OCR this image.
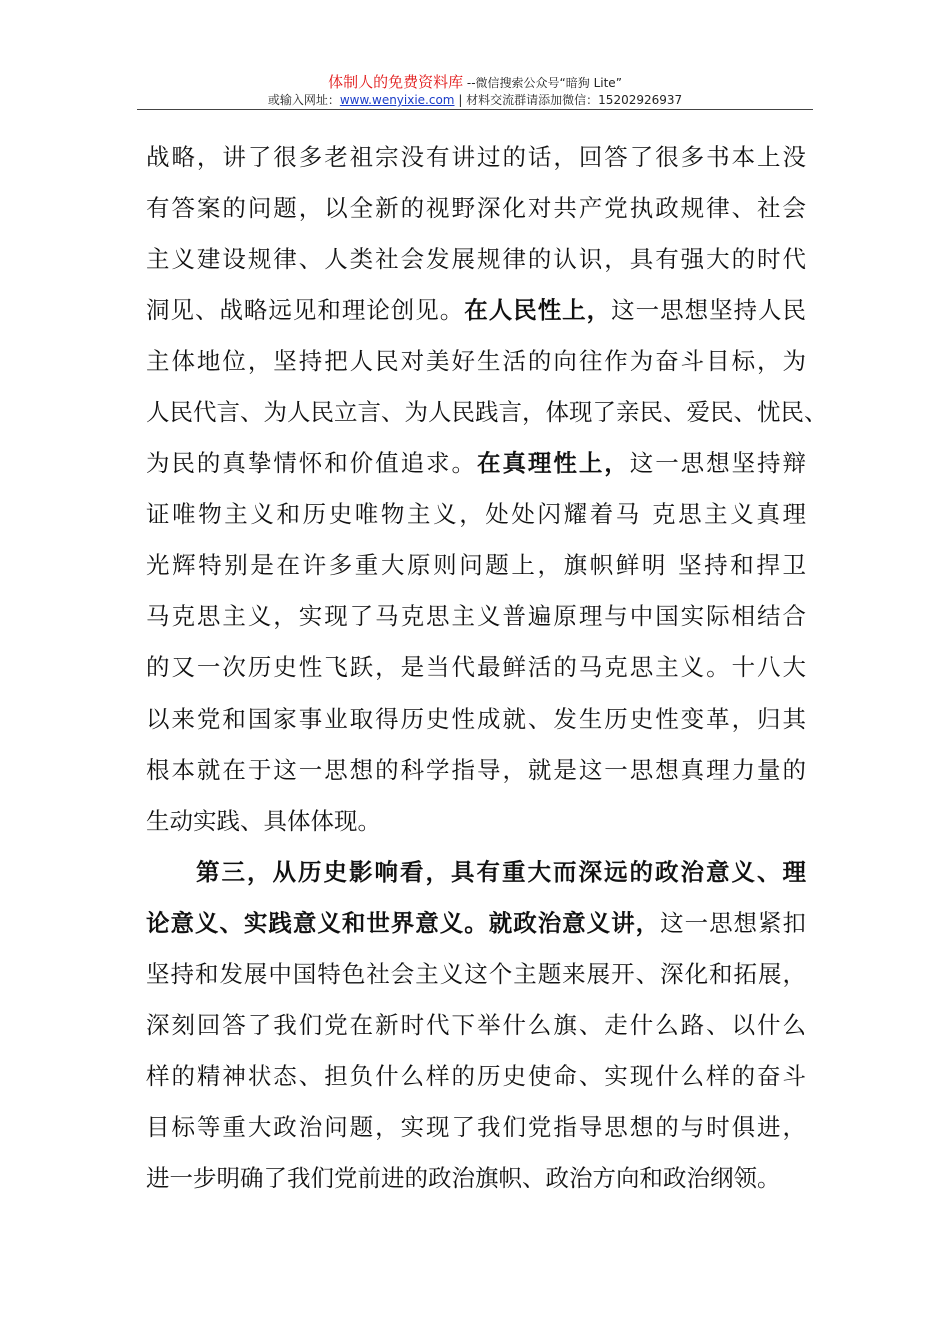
体制人的免费资料库 --微信搜索公众号“暗狗 Lite”
或输入网址：www.wenyixie.com | 材料交流群请添加微信：15202926937
战略，讲了很多老祖宗没有讲过的话，回答了很多书本上没
有答案的问题，以全新的视野深化对共产党执政规律、社会
主义建设规律、人类社会发展规律的认识，具有强大的时代
洞见、战略远见和理论创见。在人民性上，这一思想坚持人民
主体地位，坚持把人民对美好生活的向往作为奋斗目标，为
人民代言、为人民立言、为人民践言，体现了亲民、爱民、忧民、
为民的真挚情怀和价值追求。在真理性上，这一思想坚持辩
证唯物主义和历史唯物主义，处处闪耀着马 克思主义真理
光辉特别是在许多重大原则问题上，旗帜鲜明 坚持和捍卫
马克思主义，实现了马克思主义普遍原理与中国实际相结合
的又一次历史性飞跃，是当代最鲜活的马克思主义。十八大
以来党和国家事业取得历史性成就、发生历史性变革，归其
根本就在于这一思想的科学指导，就是这一思想真理力量的
生动实践、具体体现。
第三，从历史影响看，具有重大而深远的政治意义、理
论意义、实践意义和世界意义。就政治意义讲，这一思想紧扣
坚持和发展中国特色社会主义这个主题来展开、深化和拓展，
深刻回答了我们党在新时代下举什么旗、走什么路、以什么
样的精神状态、担负什么样的历史使命、实现什么样的奋斗
目标等重大政治问题，实现了我们党指导思想的与时俱进，
进一步明确了我们党前进的政治旗帜、政治方向和政治纲领。
